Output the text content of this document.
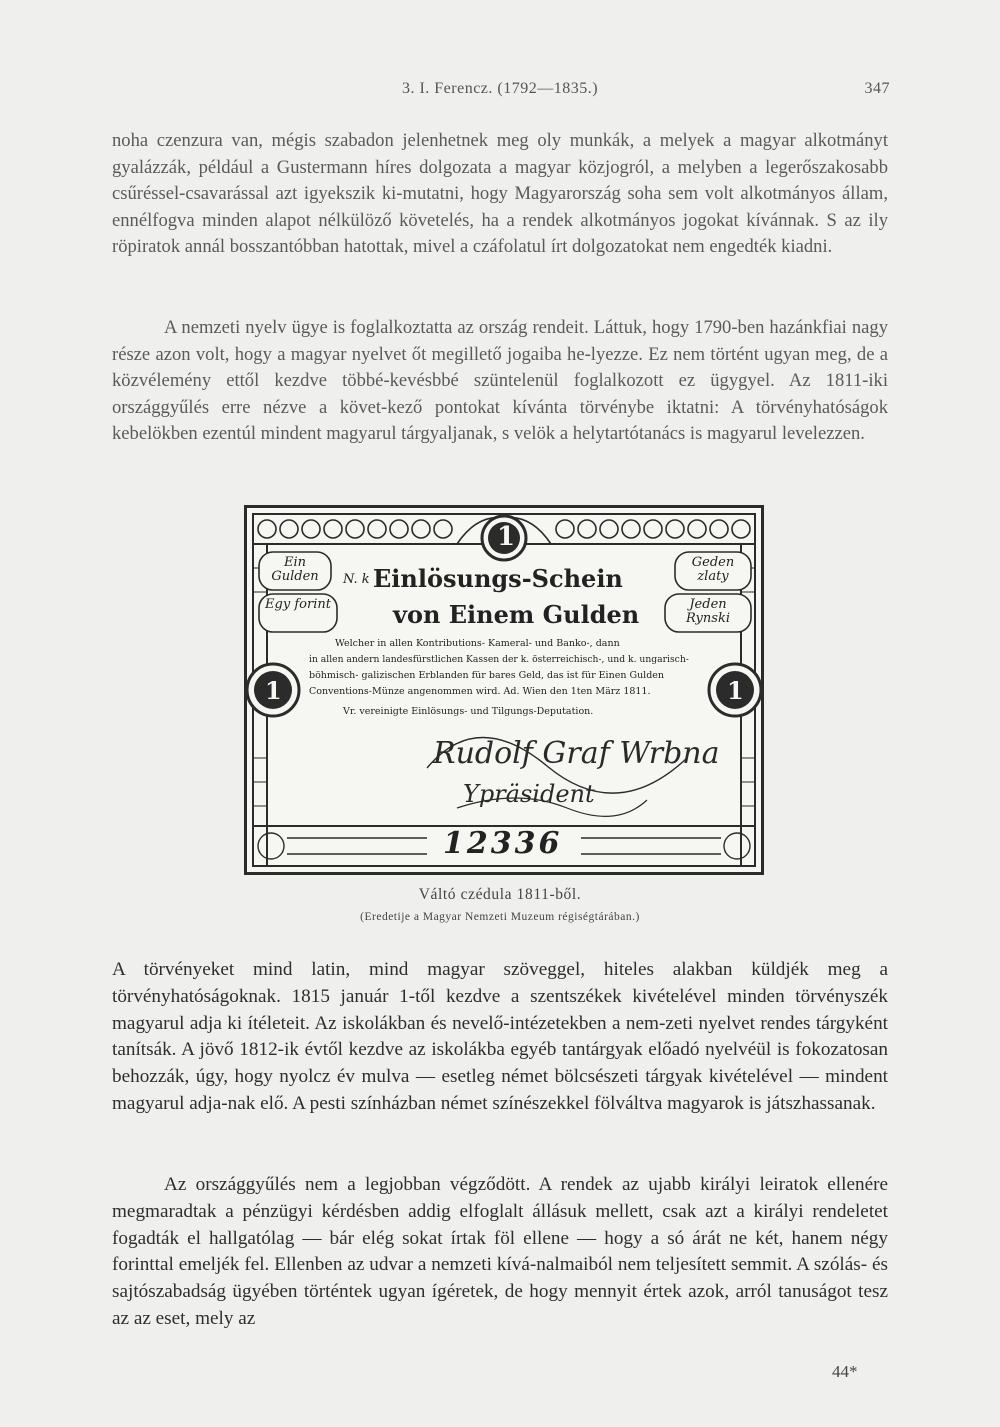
3. I. Ferencz. (1792—1835.)	347

noha czenzura van, mégis szabadon jelenhetnek meg oly munkák, a melyek a magyar alkotmányt gyalázzák, például a Gustermann híres dolgozata a magyar közjogról, a melyben a legerőszakosabb csűréssel-csavarással azt igyekszik ki-mutatni, hogy Magyarország soha sem volt alkotmányos állam, ennélfogva minden alapot nélkülöző követelés, ha a rendek alkotmányos jogokat kívánnak. S az ily röpiratok annál bosszantóbban hatottak, mivel a czáfolatul írt dolgozatokat nem engedték kiadni.

A nemzeti nyelv ügye is foglalkoztatta az ország rendeit. Láttuk, hogy 1790-ben hazánkfiai nagy része azon volt, hogy a magyar nyelvet őt megillető jogaiba he-lyezze. Ez nem történt ugyan meg, de a közvélemény ettől kezdve többé-kevésbbé szüntelenül foglalkozott ez ügygyel. Az 1811-iki országgyűlés erre nézve a követ-kező pontokat kívánta törvénybe iktatni: A törvényhatóságok kebelökben ezentúl mindent magyarul tárgyaljanak, s velök a helytartótanács is magyarul levelezzen.

1
1	1
Ein Gulden
Egy forint
Geden zlaty
Jeden Rynski
N. k Einlösungs-Schein
von Einem Gulden
Welcher in allen Kontributions- Kameral- und Banko-, dann
in allen andern landesfürstlichen Kassen der k. österreichisch-, und k. ungarisch-
böhmisch- galizischen Erblanden für bares Geld, das ist für Einen Gulden
Conventions-Münze angenommen wird. Ad. Wien den 1ten März 1811.
Vr. vereinigte Einlösungs- und Tilgungs-Deputation.
Rudolf Graf Wrbna
Ypräsident
12336
Váltó czédula 1811-ből.
(Eredetije a Magyar Nemzeti Muzeum régiségtárában.)

A törvényeket mind latin, mind magyar szöveggel, hiteles alakban küldjék meg a törvényhatóságoknak. 1815 január 1-től kezdve a szentszékek kivételével minden törvényszék magyarul adja ki ítéleteit. Az iskolákban és nevelő-intézetekben a nem-zeti nyelvet rendes tárgyként tanítsák. A jövő 1812-ik évtől kezdve az iskolákba egyéb tantárgyak előadó nyelvéül is fokozatosan behozzák, úgy, hogy nyolcz év mulva — esetleg német bölcsészeti tárgyak kivételével — mindent magyarul adja-nak elő. A pesti színházban német színészekkel fölváltva magyarok is játszhassanak.

Az országgyűlés nem a legjobban végződött. A rendek az ujabb királyi leiratok ellenére megmaradtak a pénzügyi kérdésben addig elfoglalt állásuk mellett, csak azt a királyi rendeletet fogadták el hallgatólag — bár elég sokat írtak föl ellene — hogy a só árát ne két, hanem négy forinttal emeljék fel. Ellenben az udvar a nemzeti kívá-nalmaiból nem teljesített semmit. A szólás- és sajtószabadság ügyében történtek ugyan ígéretek, de hogy mennyit értek azok, arról tanuságot tesz az az eset, mely az

44*
